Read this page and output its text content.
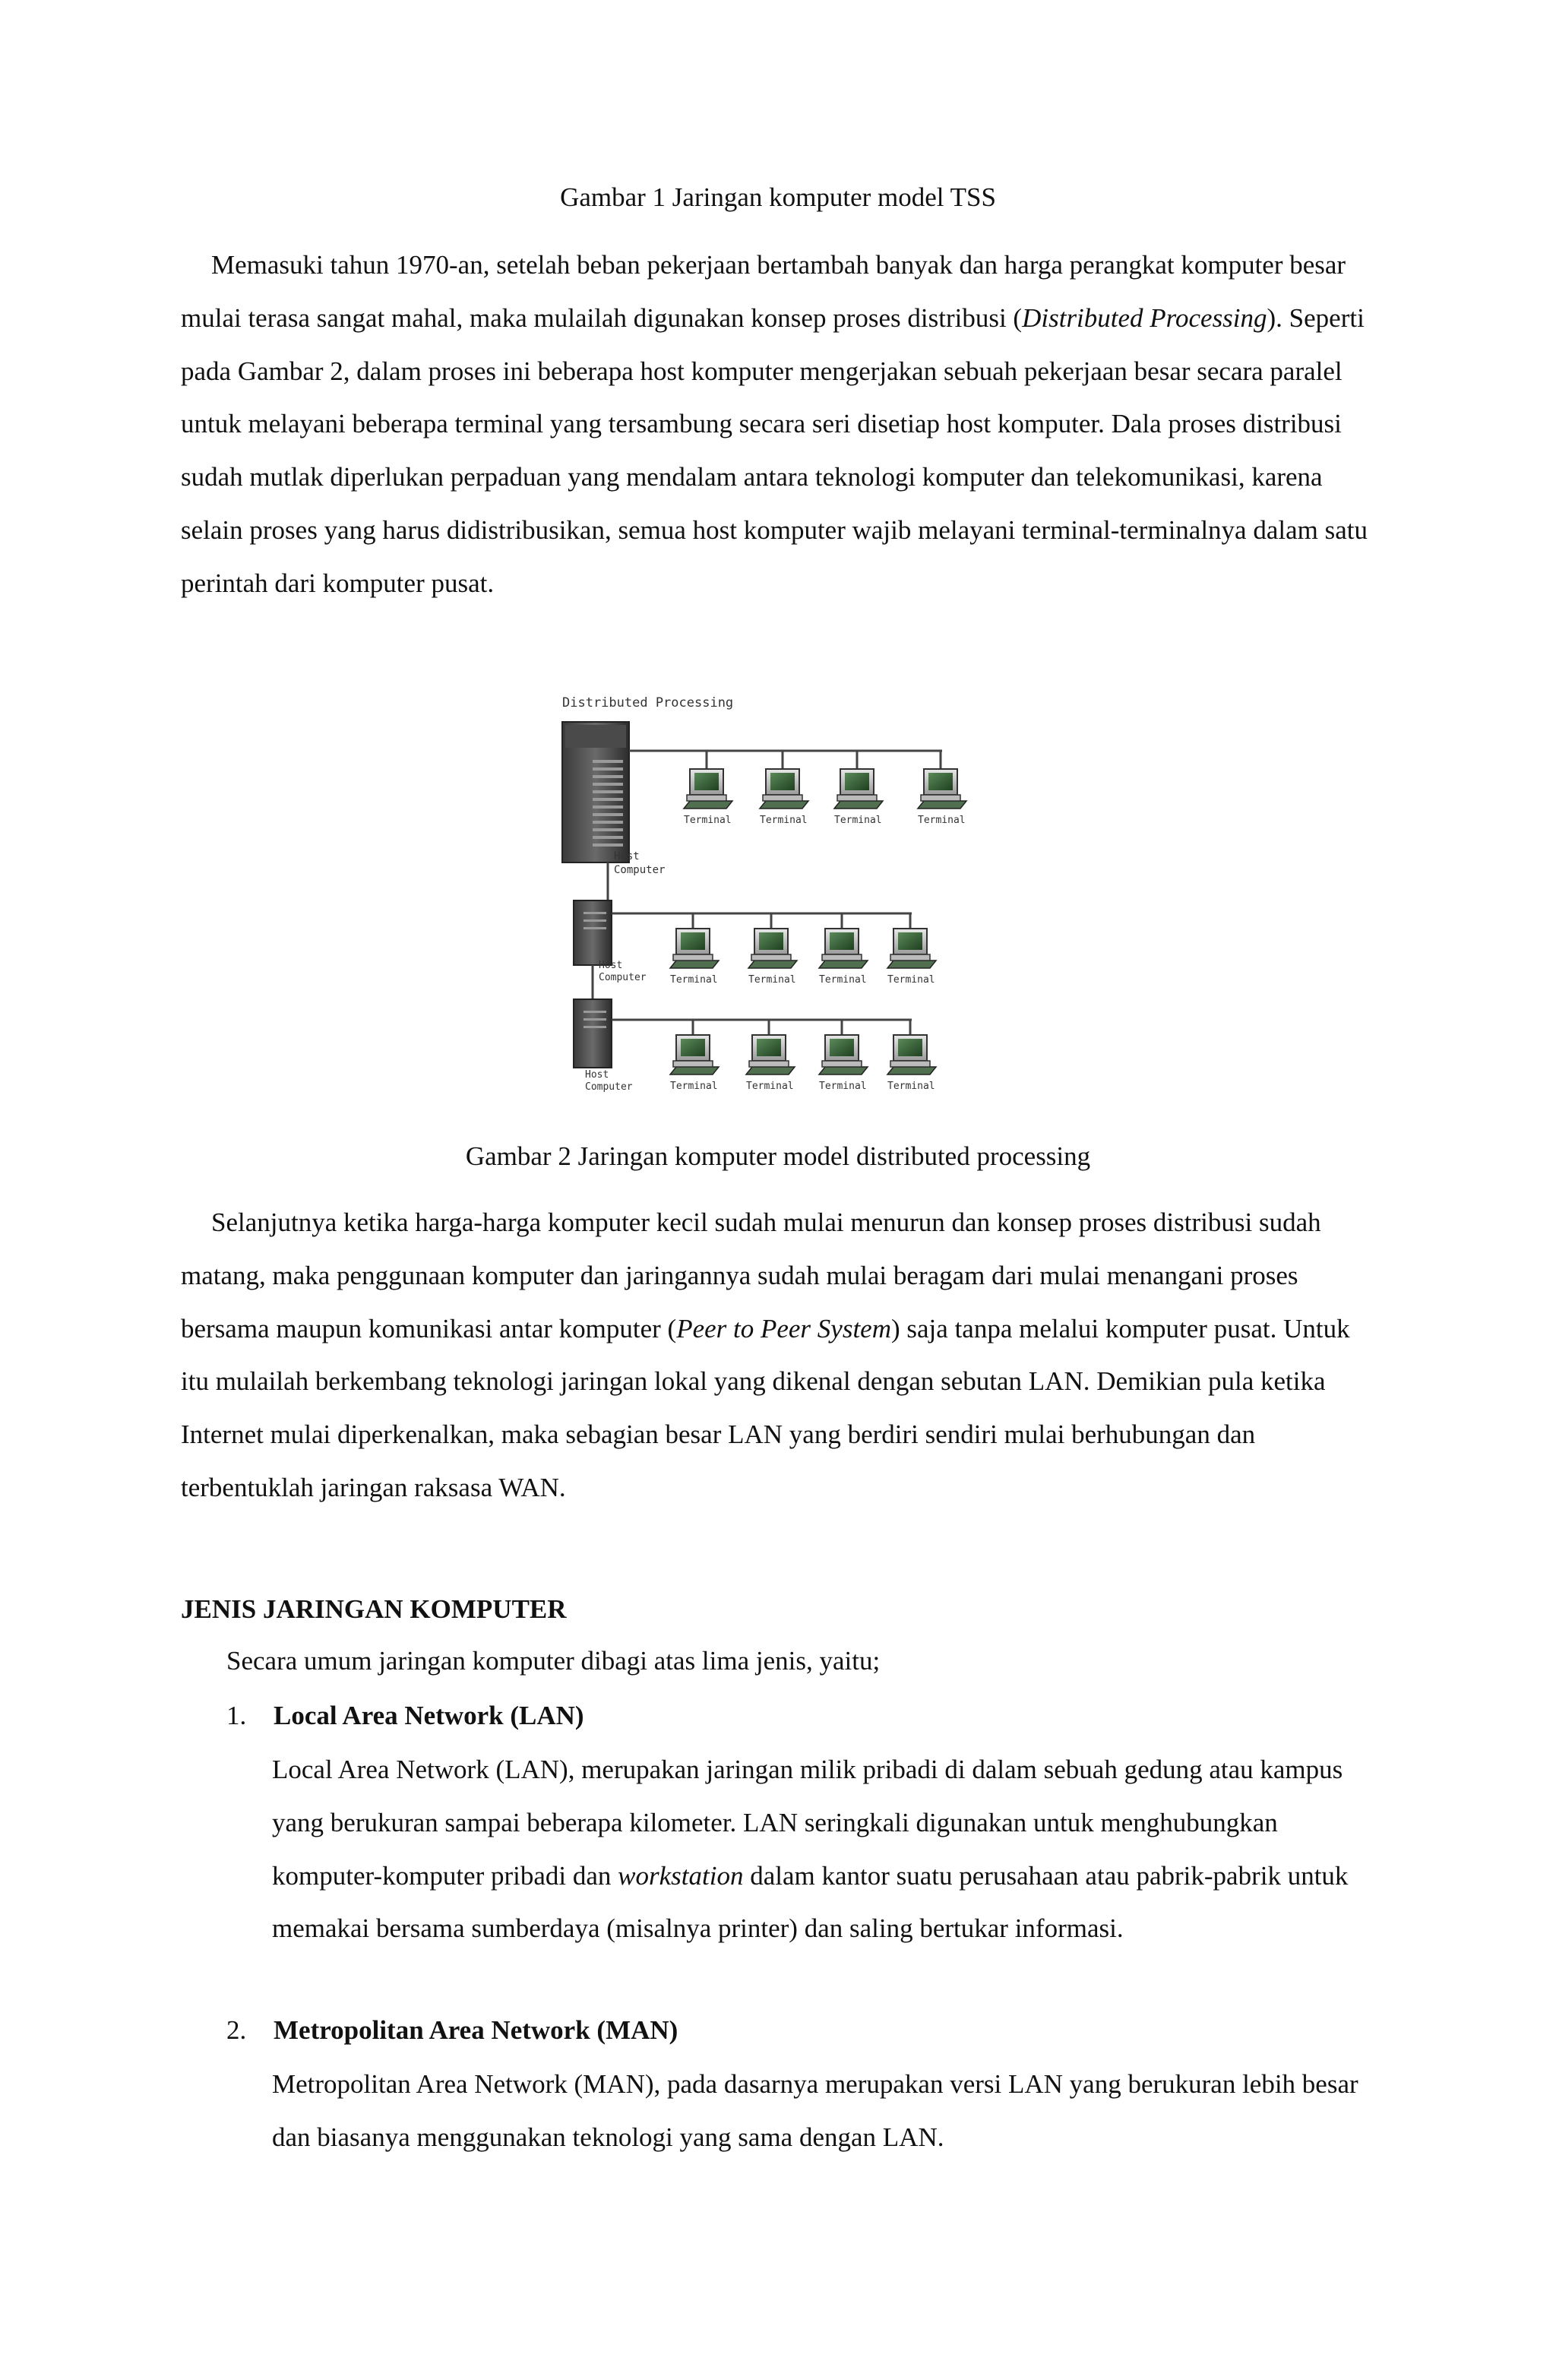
Gambar 1 Jaringan komputer model TSS

Memasuki tahun 1970-an, setelah beban pekerjaan bertambah banyak dan harga perangkat komputer besar mulai terasa sangat mahal, maka mulailah digunakan konsep proses distribusi (Distributed Processing). Seperti pada Gambar 2, dalam proses ini beberapa host komputer mengerjakan sebuah pekerjaan besar secara paralel untuk melayani beberapa terminal yang tersambung secara seri disetiap host komputer. Dala proses distribusi sudah mutlak diperlukan perpaduan yang mendalam antara teknologi komputer dan telekomunikasi, karena selain proses yang harus didistribusikan, semua host komputer wajib melayani terminal-terminalnya dalam satu perintah dari komputer pusat.

Distributed Processing
Host
Computer
Host
Computer
Host
Computer
Terminal	Terminal	Terminal	Terminal
Terminal	Terminal Terminal Terminal
Terminal	Terminal	Terminal Terminal
Gambar 2 Jaringan komputer model distributed processing

Selanjutnya ketika harga-harga komputer kecil sudah mulai menurun dan konsep proses distribusi sudah matang, maka penggunaan komputer dan jaringannya sudah mulai beragam dari mulai menangani proses bersama maupun komunikasi antar komputer (Peer to Peer System) saja tanpa melalui komputer pusat. Untuk itu mulailah berkembang teknologi jaringan lokal yang dikenal dengan sebutan LAN. Demikian pula ketika Internet mulai diperkenalkan, maka sebagian besar LAN yang berdiri sendiri mulai berhubungan dan terbentuklah jaringan raksasa WAN.

JENIS JARINGAN KOMPUTER

Secara umum jaringan komputer dibagi atas lima jenis, yaitu;

1. Local Area Network (LAN)

Local Area Network (LAN), merupakan jaringan milik pribadi di dalam sebuah gedung atau kampus yang berukuran sampai beberapa kilometer. LAN seringkali digunakan untuk menghubungkan komputer-komputer pribadi dan workstation dalam kantor suatu perusahaan atau pabrik-pabrik untuk memakai bersama sumberdaya (misalnya printer) dan saling bertukar informasi.

2. Metropolitan Area Network (MAN)

Metropolitan Area Network (MAN), pada dasarnya merupakan versi LAN yang berukuran lebih besar dan biasanya menggunakan teknologi yang sama dengan LAN.
